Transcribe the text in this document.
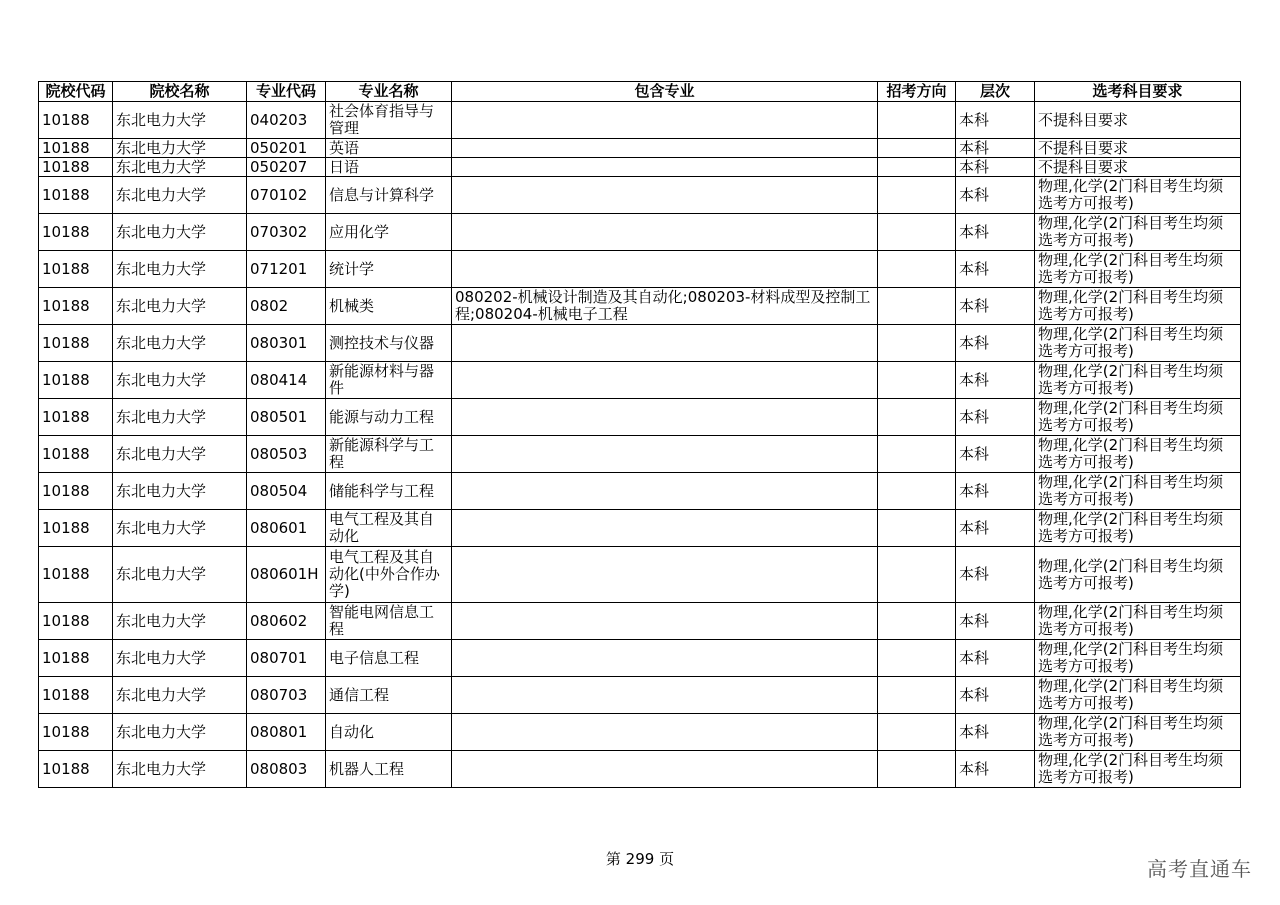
院校代码	院校名称	专业代码	专业名称	包含专业	招考方向	层次	选考科目要求
10188	东北电力大学	040203	社会体育指导与管理			本科	不提科目要求
10188	东北电力大学	050201	英语			本科	不提科目要求
10188	东北电力大学	050207	日语			本科	不提科目要求
10188	东北电力大学	070102	信息与计算科学			本科	物理,化学(2门科目考生均须选考方可报考)
10188	东北电力大学	070302	应用化学			本科	物理,化学(2门科目考生均须选考方可报考)
10188	东北电力大学	071201	统计学			本科	物理,化学(2门科目考生均须选考方可报考)
10188	东北电力大学	0802	机械类	080202-机械设计制造及其自动化;080203-材料成型及控制工程;080204-机械电子工程		本科	物理,化学(2门科目考生均须选考方可报考)
10188	东北电力大学	080301	测控技术与仪器			本科	物理,化学(2门科目考生均须选考方可报考)
10188	东北电力大学	080414	新能源材料与器件			本科	物理,化学(2门科目考生均须选考方可报考)
10188	东北电力大学	080501	能源与动力工程			本科	物理,化学(2门科目考生均须选考方可报考)
10188	东北电力大学	080503	新能源科学与工程			本科	物理,化学(2门科目考生均须选考方可报考)
10188	东北电力大学	080504	储能科学与工程			本科	物理,化学(2门科目考生均须选考方可报考)
10188	东北电力大学	080601	电气工程及其自动化			本科	物理,化学(2门科目考生均须选考方可报考)
10188	东北电力大学	080601H	电气工程及其自动化(中外合作办学)			本科	物理,化学(2门科目考生均须选考方可报考)
10188	东北电力大学	080602	智能电网信息工程			本科	物理,化学(2门科目考生均须选考方可报考)
10188	东北电力大学	080701	电子信息工程			本科	物理,化学(2门科目考生均须选考方可报考)
10188	东北电力大学	080703	通信工程			本科	物理,化学(2门科目考生均须选考方可报考)
10188	东北电力大学	080801	自动化			本科	物理,化学(2门科目考生均须选考方可报考)
10188	东北电力大学	080803	机器人工程			本科	物理,化学(2门科目考生均须选考方可报考)
第 299 页	高考直通车
